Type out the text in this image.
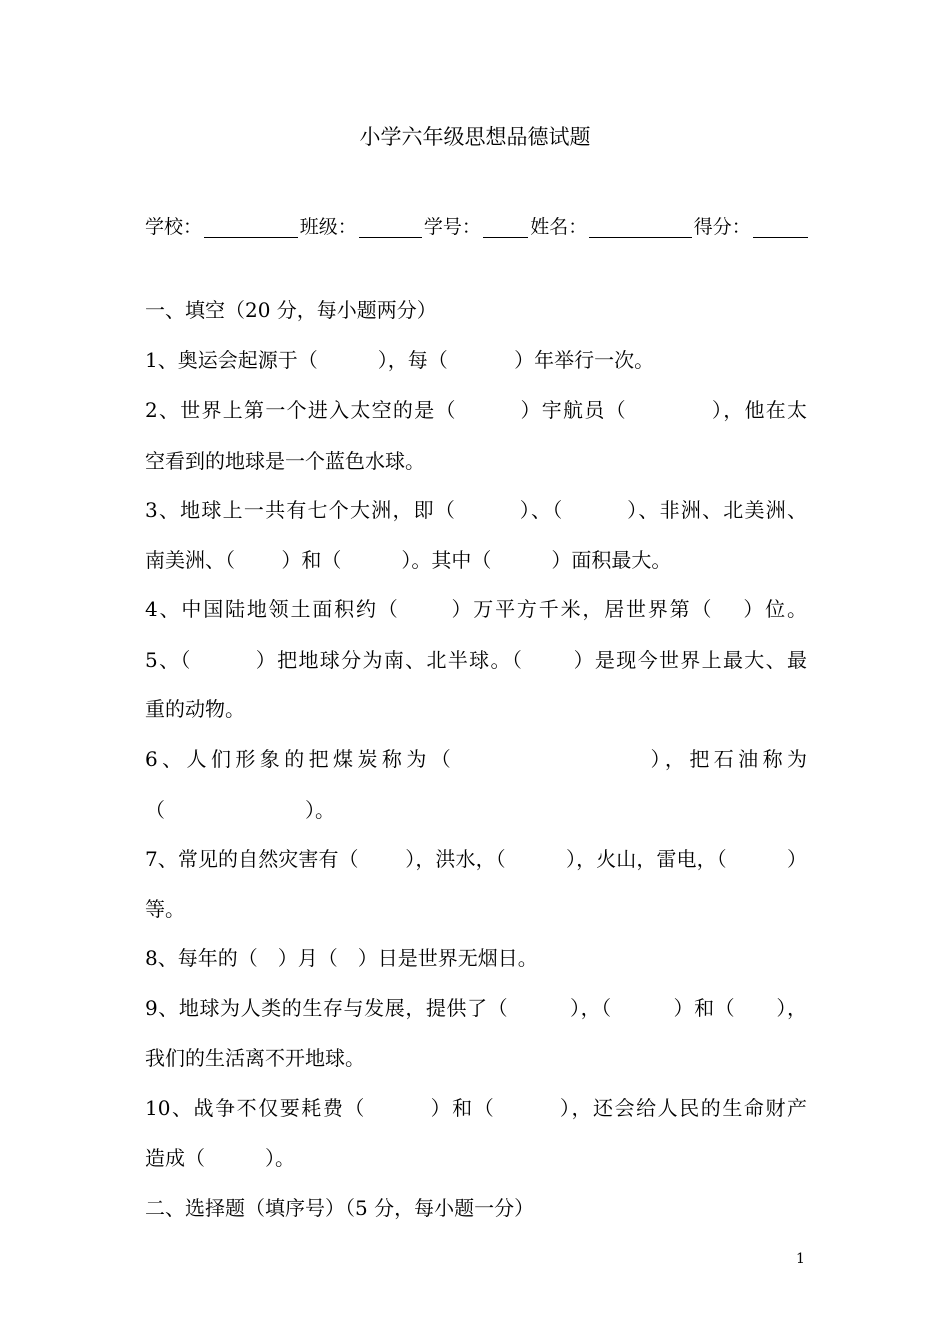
小学六年级思想品德试题
学校：	班级：	学号：	姓名：	得分：
一、填空（20 分，每小题两分）
1、奥运会起源于（　　　），每（　　　 ）年举行一次。
2、世界上第一个进入太空的是（　　　）宇航员（　　　　），他在太
空看到的地球是一个蓝色水球。
3、地球上一共有七个大洲，即（　　　）、（　　　）、非洲、北美洲、
南美洲、（　　 ）和（　　　）。其中（　　　）面积最大。
4、中国陆地领土面积约（　　 ）万平方千米，居世界第（　 ）位。
5、（　　　）把地球分为南、北半球。（　　 ）是现今世界上最大、最
重的动物。
6、人们形象的把煤炭称为（　　　　　　　　），把石油称为
（　　　　　　　）。
7、常见的自然灾害有（　　 ），洪水，（　　　），火山，雷电，（　　　）
等。
8、每年的（　）月（　）日是世界无烟日。
9、地球为人类的生存与发展，提供了（　　　），（　　　）和（　　），
我们的生活离不开地球。
10、战争不仅要耗费（　　　）和（　　　），还会给人民的生命财产
造成（　　　）。
二、选择题（填序号）（5 分，每小题一分）
1
